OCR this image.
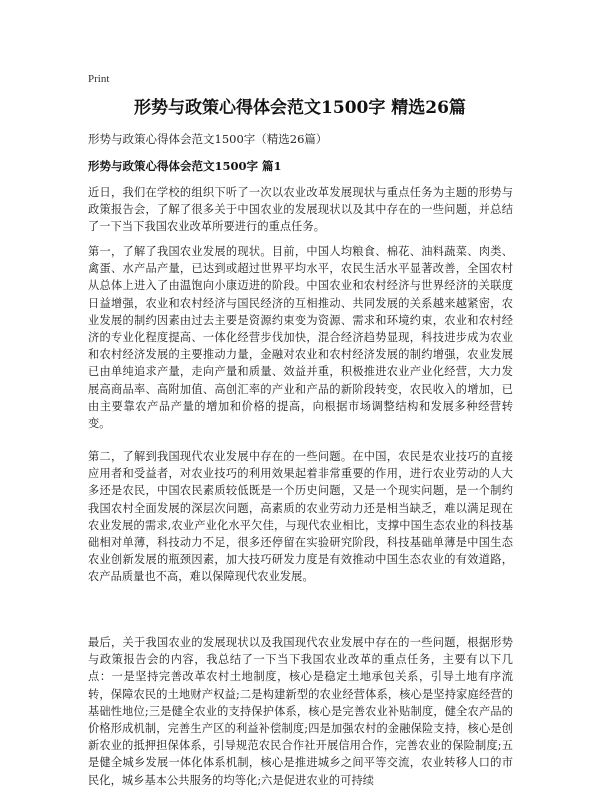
Print
形势与政策心得体会范文1500字 精选26篇
形势与政策心得体会范文1500字（精选26篇）
形势与政策心得体会范文1500字 篇1

近日，我们在学校的组织下听了一次以农业改革发展现状与重点任务为主题的形势与政策报告会，了解了很多关于中国农业的发展现状以及其中存在的一些问题，并总结了一下当下我国农业改革所要进行的重点任务。

第一，了解了我国农业发展的现状。目前，中国人均粮食、棉花、油料蔬菜、肉类、禽蛋、水产品产量，已达到或超过世界平均水平，农民生活水平显著改善，全国农村从总体上进入了由温饱向小康迈进的阶段。中国农业和农村经济与世界经济的关联度日益增强，农业和农村经济与国民经济的互相推动、共同发展的关系越来越紧密，农业发展的制约因素由过去主要是资源约束变为资源、需求和环境约束，农业和农村经济的专业化程度提高、一体化经营步伐加快，混合经济趋势显现，科技进步成为农业和农村经济发展的主要推动力量，金融对农业和农村经济发展的制约增强，农业发展已由单纯追求产量，走向产量和质量、效益并重，积极推进农业产业化经营，大力发展高商品率、高附加值、高创汇率的产业和产品的新阶段转变，农民收入的增加，已由主要靠农产品产量的增加和价格的提高，向根据市场调整结构和发展多种经营转变。

第二，了解到我国现代农业发展中存在的一些问题。在中国，农民是农业技巧的直接应用者和受益者，对农业技巧的利用效果起着非常重要的作用，进行农业劳动的人大多还是农民，中国农民素质较低既是一个历史问题，又是一个现实问题，是一个制约我国农村全面发展的深层次问题，高素质的农业劳动力还是相当缺乏，难以满足现在农业发展的需求,农业产业化水平欠佳，与现代农业相比，支撑中国生态农业的科技基础相对单薄，科技动力不足，很多还停留在实验研究阶段，科技基础单薄是中国生态农业创新发展的瓶颈因素，加大技巧研发力度是有效推动中国生态农业的有效道路，农产品质量也不高，难以保障现代农业发展。

最后，关于我国农业的发展现状以及我国现代农业发展中存在的一些问题，根据形势与政策报告会的内容，我总结了一下当下我国农业改革的重点任务，主要有以下几点：一是坚持完善改革农村土地制度，核心是稳定土地承包关系，引导土地有序流转，保障农民的土地财产权益;二是构建新型的农业经营体系，核心是坚持家庭经营的基础性地位;三是健全农业的支持保护体系，核心是完善农业补贴制度，健全农产品的价格形成机制，完善生产区的利益补偿制度;四是加强农村的金融保险支持，核心是创新农业的抵押担保体系，引导规范农民合作社开展信用合作，完善农业的保险制度;五是健全城乡发展一体化体系机制，核心是推进城乡之间平等交流，农业转移人口的市民化，城乡基本公共服务的均等化;六是促进农业的可持续
